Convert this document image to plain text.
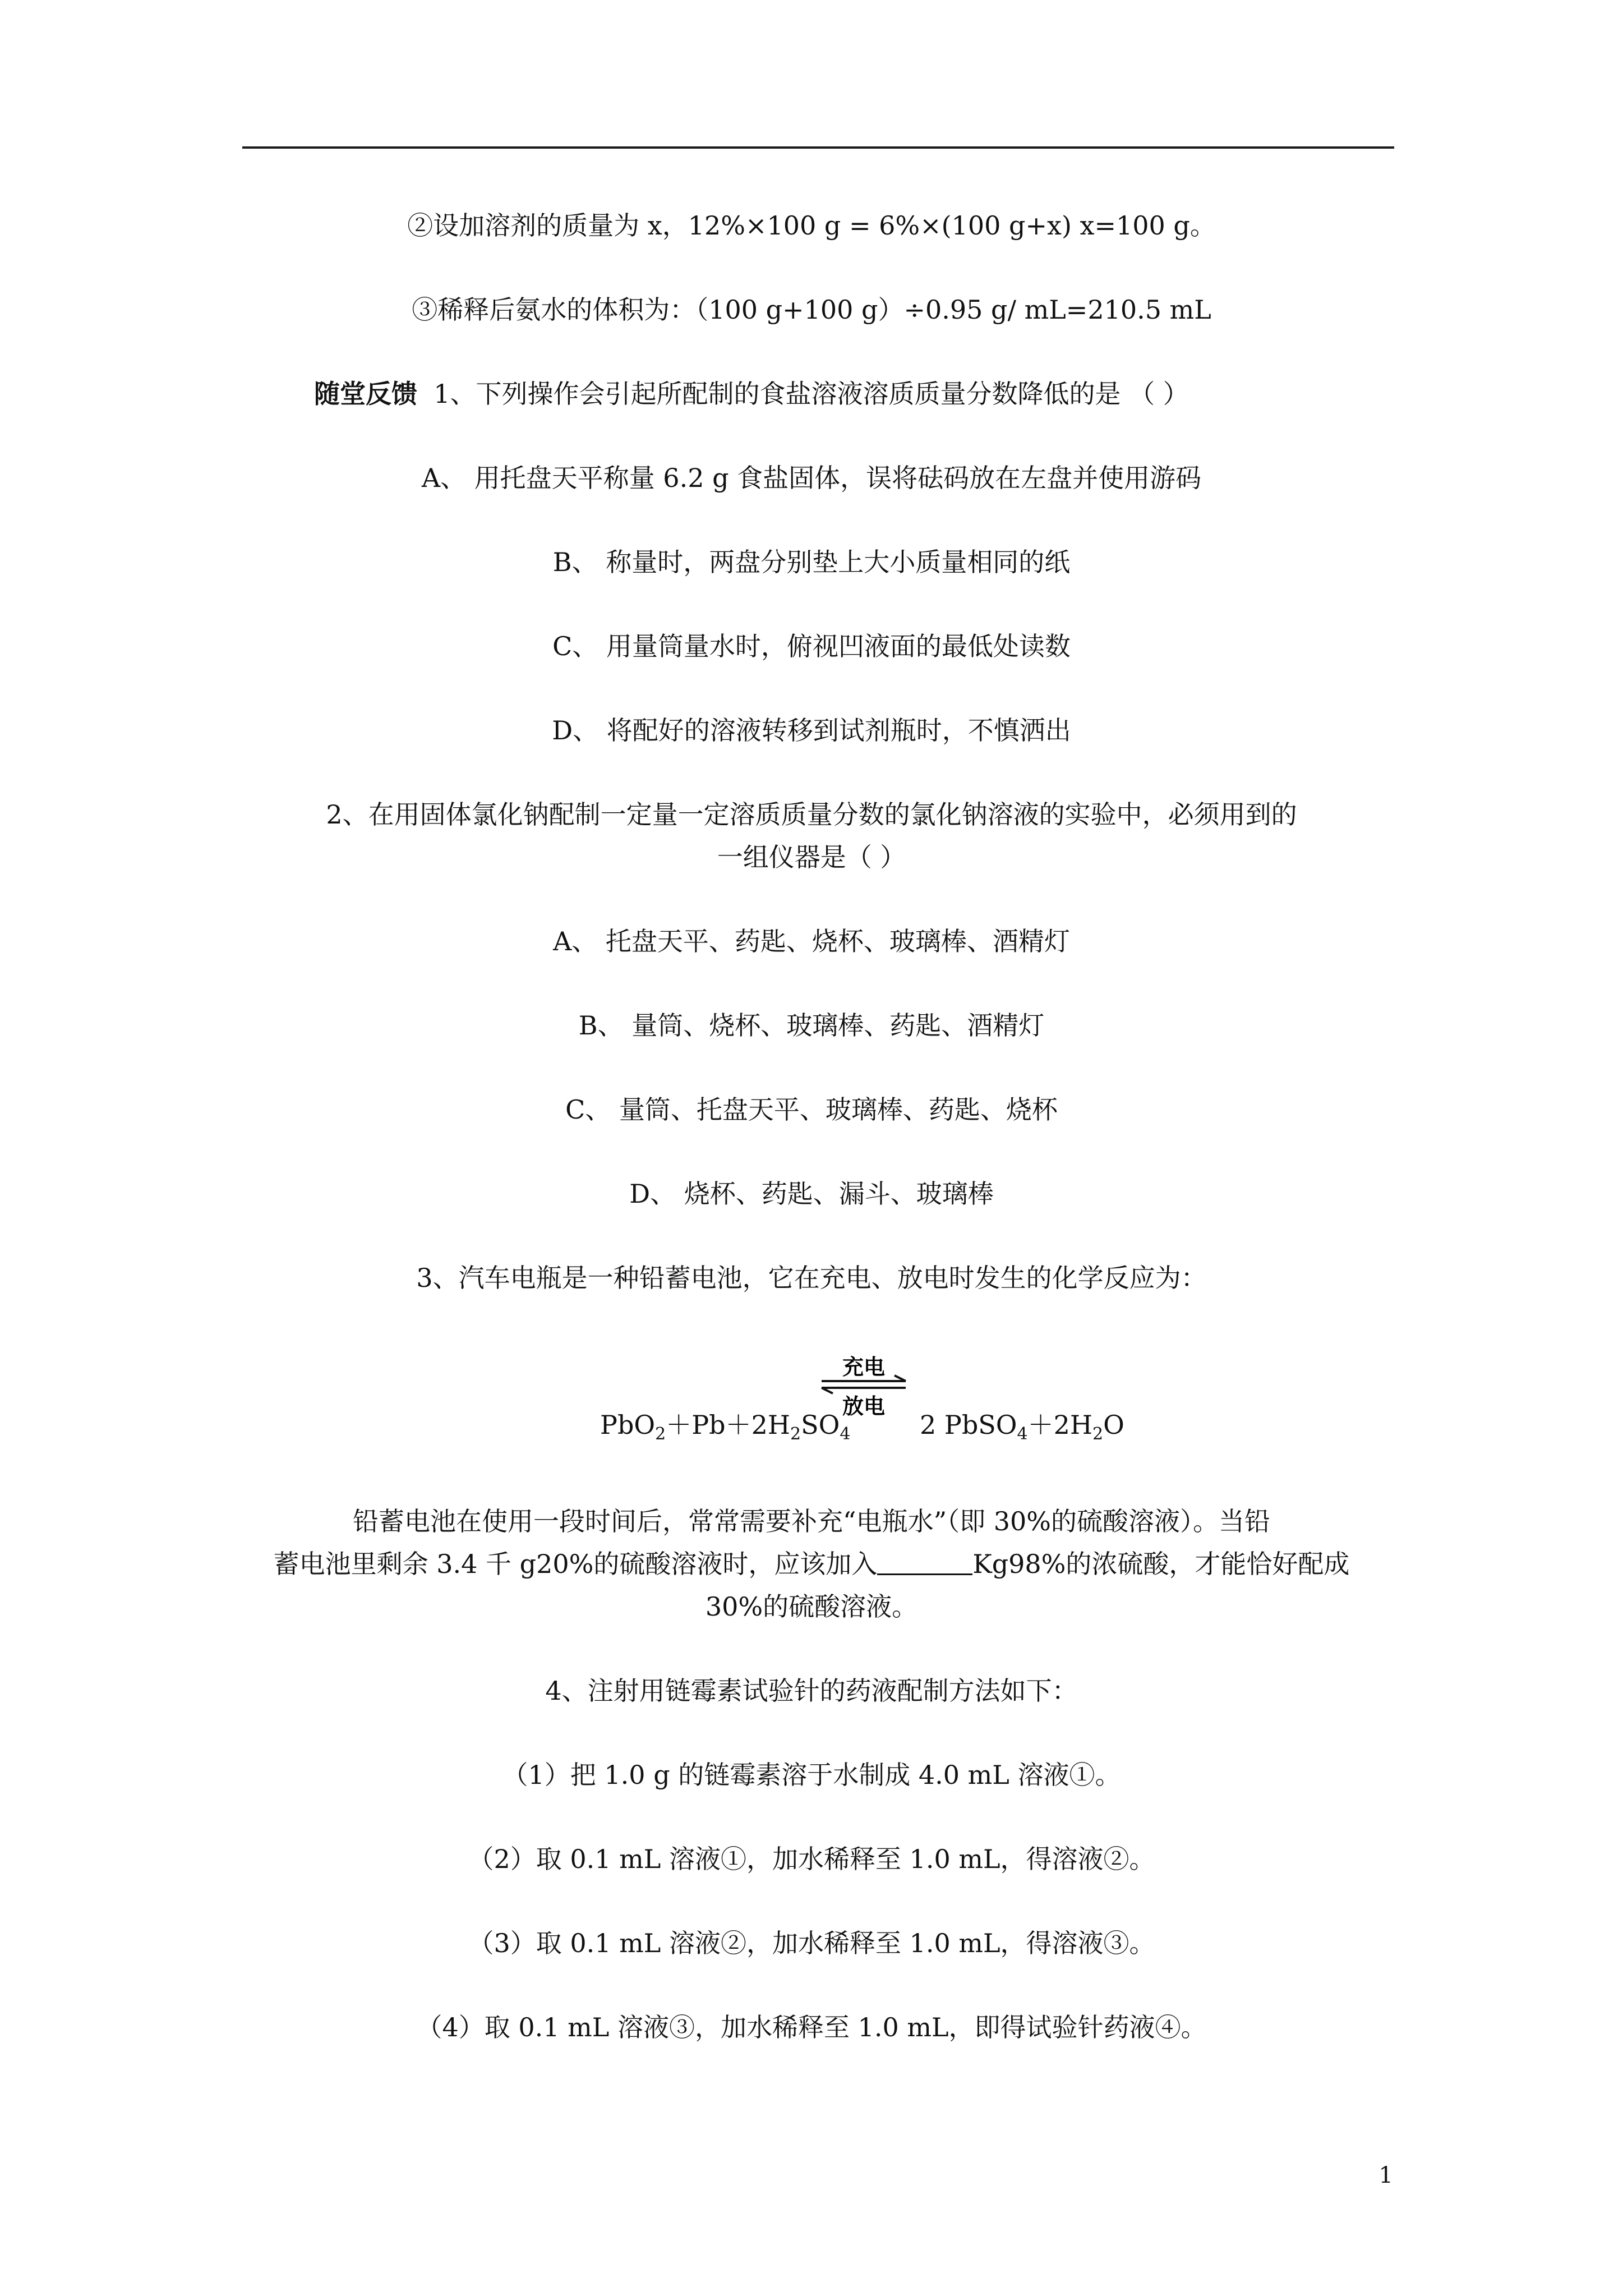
②设加溶剂的质量为 x，12%×100 g = 6%×(100 g+x) x=100 g。
③稀释后氨水的体积为：（100 g+100 g）÷0.95 g/ mL=210.5 mL
随堂反馈 1、下列操作会引起所配制的食盐溶液溶质质量分数降低的是 （ ）
A、 用托盘天平称量 6.2 g 食盐固体，误将砝码放在左盘并使用游码
B、 称量时，两盘分别垫上大小质量相同的纸
C、 用量筒量水时，俯视凹液面的最低处读数
D、 将配好的溶液转移到试剂瓶时，不慎洒出
2、在用固体氯化钠配制一定量一定溶质质量分数的氯化钠溶液的实验中，必须用到的
一组仪器是（ ）
A、 托盘天平、药匙、烧杯、玻璃棒、酒精灯
B、 量筒、烧杯、玻璃棒、药匙、酒精灯
C、 量筒、托盘天平、玻璃棒、药匙、烧杯
D、 烧杯、药匙、漏斗、玻璃棒
3、汽车电瓶是一种铅蓄电池，它在充电、放电时发生的化学反应为：
$PbO_2+Pb+2H_2SO_4$
充电
放电
2 $PbSO_4+2H_2O$
铅蓄电池在使用一段时间后，常常需要补充“电瓶水”（即 30%的硫酸溶液）。当铅
蓄电池里剩余 3.4 千 g20%的硫酸溶液时，应该加入	Kg98%的浓硫酸，才能恰好配成
30%的硫酸溶液。
4、注射用链霉素试验针的药液配制方法如下：
（1）把 1.0 g 的链霉素溶于水制成 4.0 mL 溶液①。
（2）取 0.1 mL 溶液①，加水稀释至 1.0 mL，得溶液②。
（3）取 0.1 mL 溶液②，加水稀释至 1.0 mL，得溶液③。
（4）取 0.1 mL 溶液③，加水稀释至 1.0 mL，即得试验针药液④。
1
